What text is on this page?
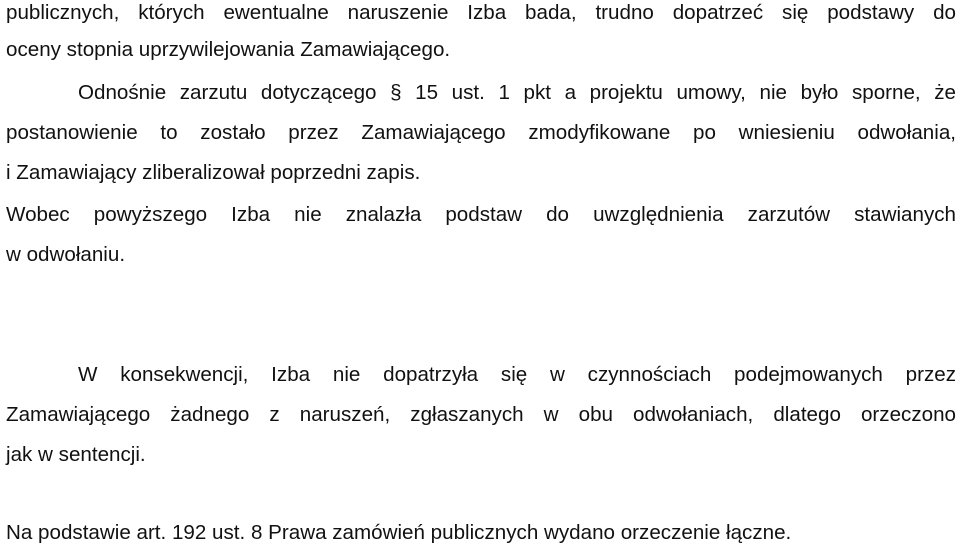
publicznych, których ewentualne naruszenie Izba bada, trudno dopatrzeć się podstawy do
oceny stopnia uprzywilejowania Zamawiającego.
Odnośnie zarzutu dotyczącego § 15 ust. 1 pkt a projektu umowy, nie było sporne, że
postanowienie to zostało przez Zamawiającego zmodyfikowane po wniesieniu odwołania,
i Zamawiający zliberalizował poprzedni zapis.
Wobec powyższego Izba nie znalazła podstaw do uwzględnienia zarzutów stawianych
w odwołaniu.
W konsekwencji, Izba nie dopatrzyła się w czynnościach podejmowanych przez
Zamawiającego żadnego z naruszeń, zgłaszanych w obu odwołaniach, dlatego orzeczono
jak w sentencji.
Na podstawie art. 192 ust. 8 Prawa zamówień publicznych wydano orzeczenie łączne.
